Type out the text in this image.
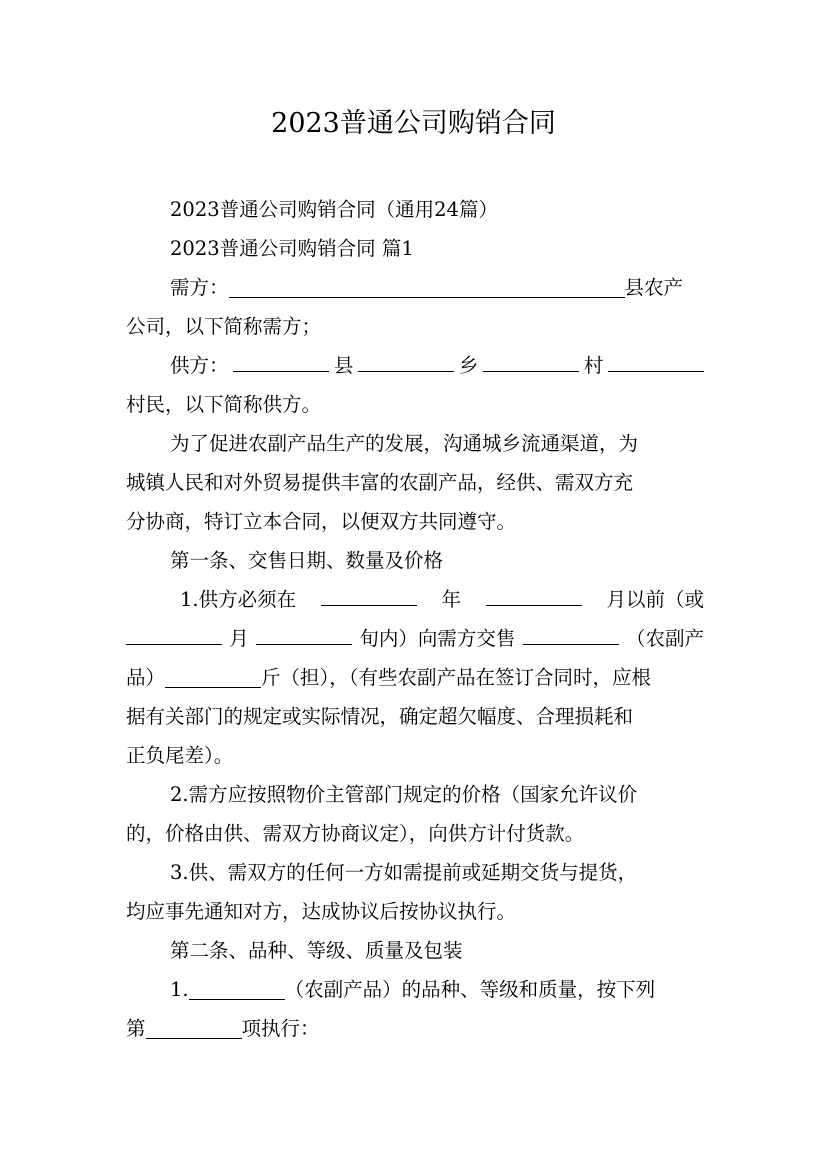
2023普通公司购销合同
2023普通公司购销合同（通用24篇）
2023普通公司购销合同 篇1
需方：	县农产
公司，以下简称需方；
供方：	县	乡	村
村民，以下简称供方。
为了促进农副产品生产的发展，沟通城乡流通渠道，为
城镇人民和对外贸易提供丰富的农副产品，经供、需双方充
分协商，特订立本合同，以便双方共同遵守。
第一条、交售日期、数量及价格
1.供方必须在	年	月以前（或
月	旬内）向需方交售	（农副产
品）	斤（担），（有些农副产品在签订合同时，应根
据有关部门的规定或实际情况，确定超欠幅度、合理损耗和
正负尾差）。
2.需方应按照物价主管部门规定的价格（国家允许议价
的，价格由供、需双方协商议定），向供方计付货款。
3.供、需双方的任何一方如需提前或延期交货与提货，
均应事先通知对方，达成协议后按协议执行。
第二条、品种、等级、质量及包装
1.	（农副产品）的品种、等级和质量，按下列
第	项执行：
